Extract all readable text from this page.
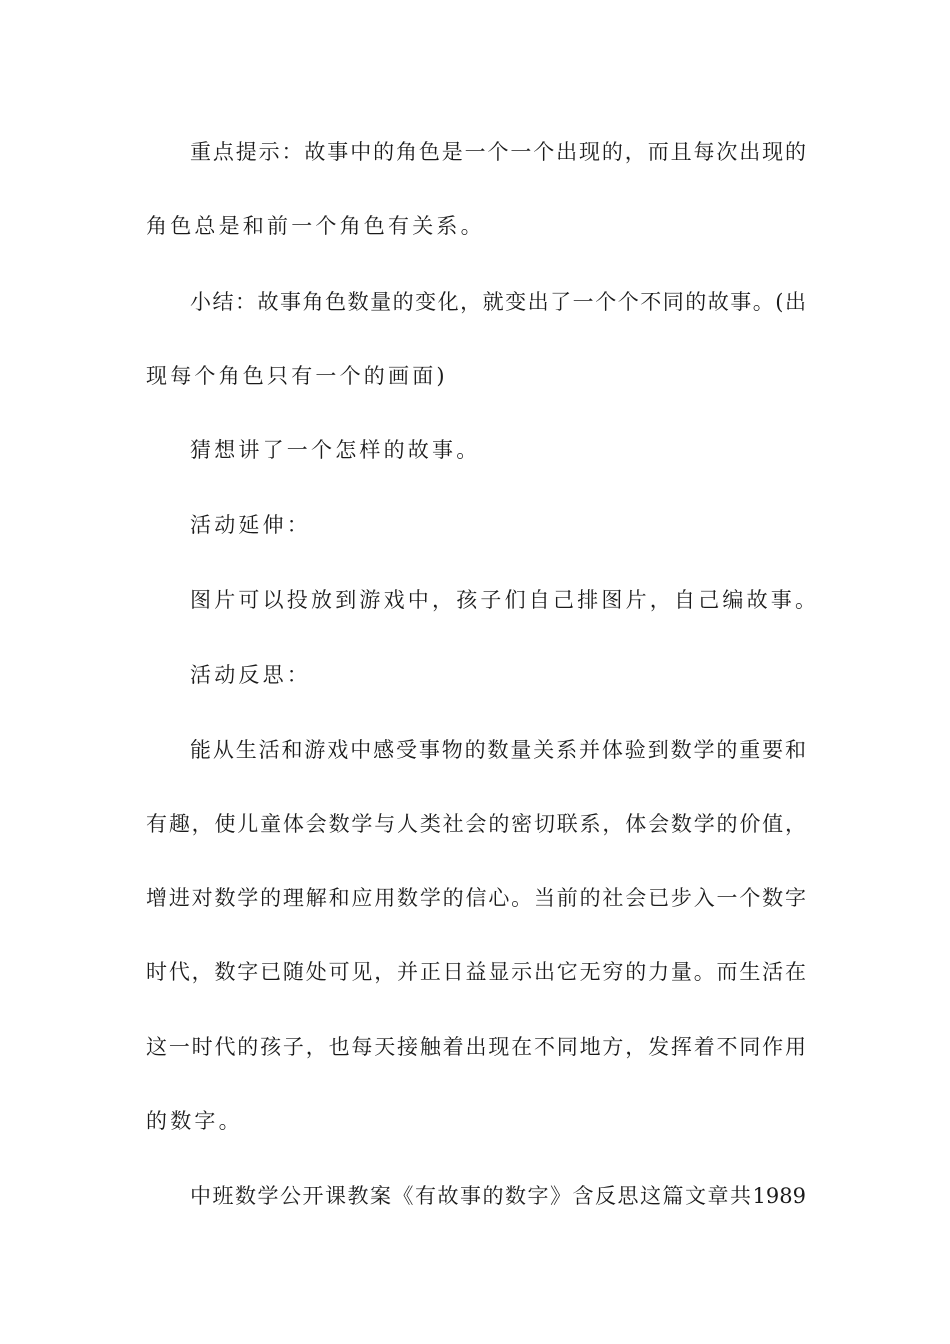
重点提示：故事中的角色是一个一个出现的，而且每次出现的
角色总是和前一个角色有关系。
小结：故事角色数量的变化，就变出了一个个不同的故事。(出
现每个角色只有一个的画面)
猜想讲了一个怎样的故事。
活动延伸：
图片可以投放到游戏中，孩子们自己排图片，自己编故事。
活动反思：
能从生活和游戏中感受事物的数量关系并体验到数学的重要和
有趣，使儿童体会数学与人类社会的密切联系，体会数学的价值，
增进对数学的理解和应用数学的信心。当前的社会已步入一个数字
时代，数字已随处可见，并正日益显示出它无穷的力量。而生活在
这一时代的孩子，也每天接触着出现在不同地方，发挥着不同作用
的数字。
中班数学公开课教案《有故事的数字》含反思这篇文章共1989
